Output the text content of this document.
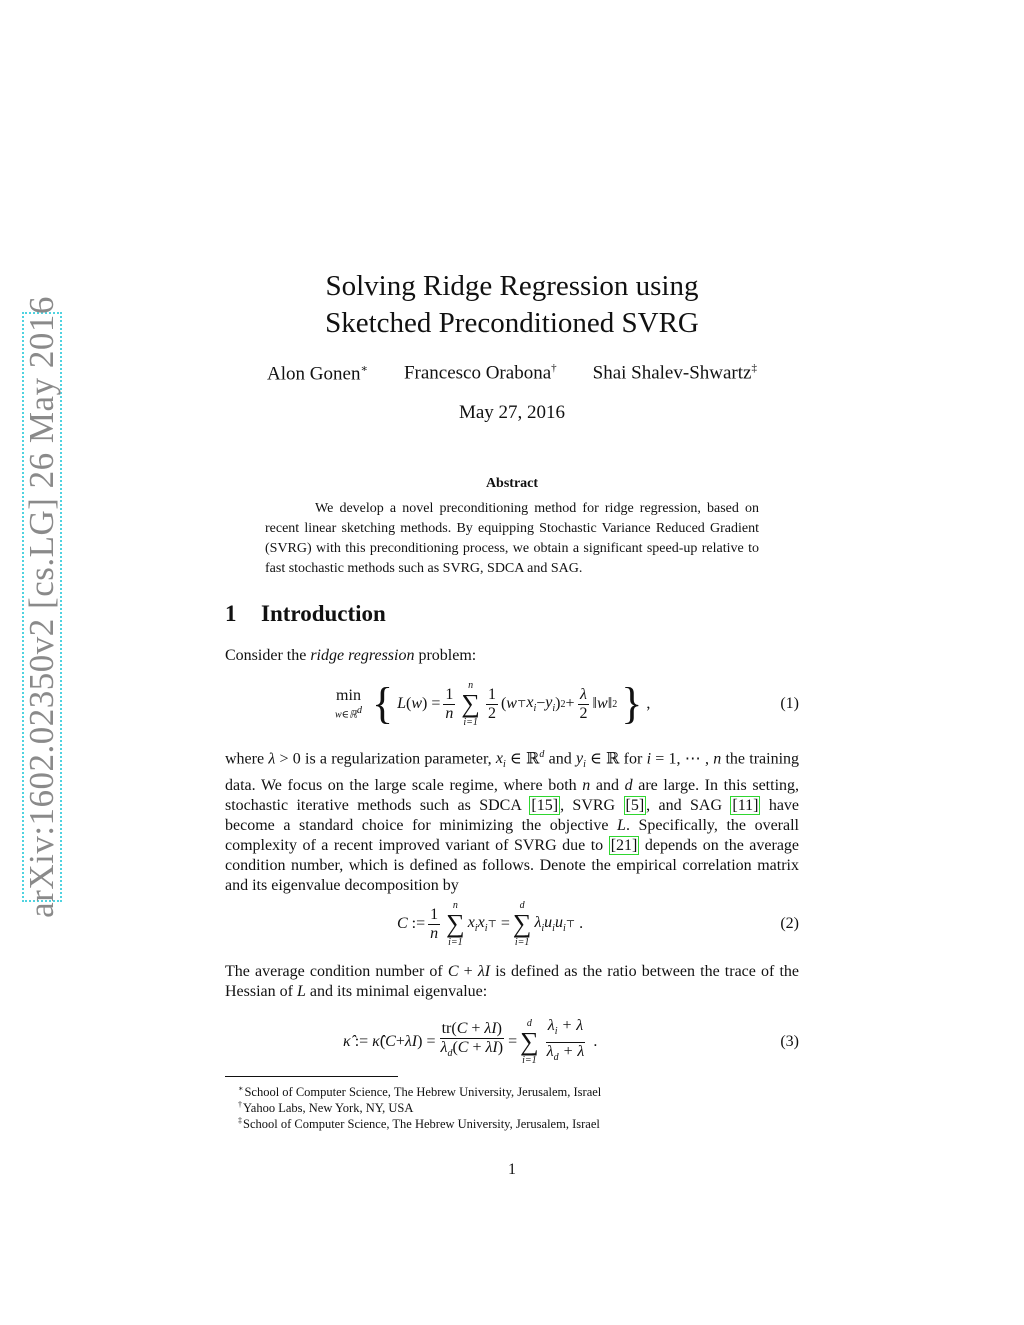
arXiv:1602.02350v2 [cs.LG] 26 May 2016
Solving Ridge Regression using
Sketched Preconditioned SVRG
Alon Gonen∗ Francesco Orabona† Shai Shalev-Shwartz‡
May 27, 2016
Abstract
We develop a novel preconditioning method for ridge regression, based on recent linear sketching methods. By equipping Stochastic Variance Reduced Gradient (SVRG) with this preconditioning process, we obtain a significant speed-up relative to fast stochastic methods such as SVRG, SDCA and SAG.
1 Introduction
Consider the ridge regression problem:
min
w∈ℝ$^d$ { L ( w ) = $\frac{1}{n}$ n
∑
$i=1 \frac{1}{2}$ ( w ⊤ $x_i - y_i$ ) $2 + \frac{\lambda}{2}$ ‖ w ‖ 2 } ,	(1)
where λ > 0 is a regularization parameter, $x_i$ ∈ ℝ$^d$ and $y_i$ ∈ ℝ for i = 1, ⋯ , n the training data. We focus on the large scale regime, where both n and d are large. In this setting, stochastic iterative methods such as SDCA [15] , SVRG [5] , and SAG [11] have become a standard choice for minimizing the objective L. Specifically, the overall complexity of a recent improved variant of SVRG due to [21] depends on the average condition number, which is defined as follows. Denote the empirical correlation matrix and its eigenvalue decomposition by
C := $\frac{1}{n}$ n
∑
i=1
$x_ix_i$ ⊤ =
d
∑
i=1
$\lambda_iu_iu_i$ ⊤ .	(2)
The average condition number of C + λI is defined as the ratio between the trace of the Hessian of L and its minimal eigenvalue:
κ̂ := κ̂ ( C + λI ) = $\frac{tr(C + \lambda I)}{\lambda_d(C + \lambda I)}$ =
d
∑
$i=1 \frac{\lambda_i + \lambda}{\lambda_d + \lambda}$ .	(3)
∗School of Computer Science, The Hebrew University, Jerusalem, Israel
†Yahoo Labs, New York, NY, USA
‡School of Computer Science, The Hebrew University, Jerusalem, Israel
1
